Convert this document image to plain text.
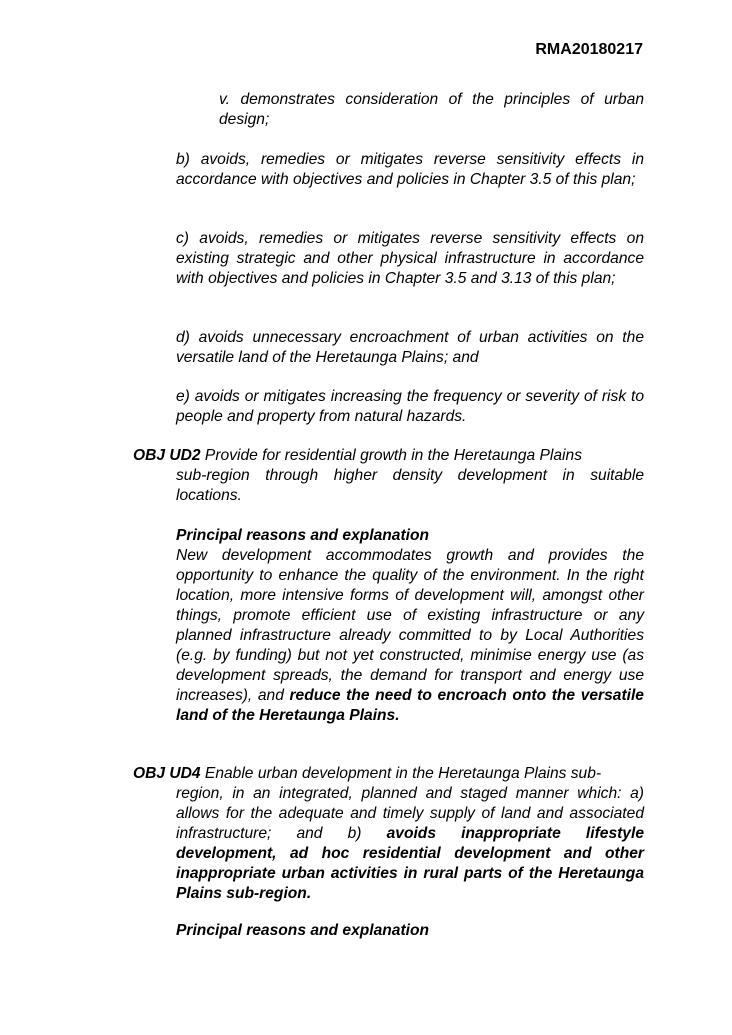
RMA20180217

v. demonstrates consideration of the principles of urban design;

b) avoids, remedies or mitigates reverse sensitivity effects in accordance with objectives and policies in Chapter 3.5 of this plan;

c) avoids, remedies or mitigates reverse sensitivity effects on existing strategic and other physical infrastructure in accordance with objectives and policies in Chapter 3.5 and 3.13 of this plan;

d) avoids unnecessary encroachment of urban activities on the versatile land of the Heretaunga Plains; and

e) avoids or mitigates increasing the frequency or severity of risk to people and property from natural hazards.

OBJ UD2 Provide for residential growth in the Heretaunga Plains
sub-region through higher density development in suitable locations.
Principal reasons and explanation

New development accommodates growth and provides the opportunity to enhance the quality of the environment. In the right location, more intensive forms of development will, amongst other things, promote efficient use of existing infrastructure or any planned infrastructure already committed to by Local Authorities (e.g. by funding) but not yet constructed, minimise energy use (as development spreads, the demand for transport and energy use increases), and reduce the need to encroach onto the versatile land of the Heretaunga Plains.

OBJ UD4 Enable urban development in the Heretaunga Plains sub-
region, in an integrated, planned and staged manner which: a) allows for the adequate and timely supply of land and associated infrastructure; and b) avoids inappropriate lifestyle development, ad hoc residential development and other inappropriate urban activities in rural parts of the Heretaunga Plains sub-region.
Principal reasons and explanation
